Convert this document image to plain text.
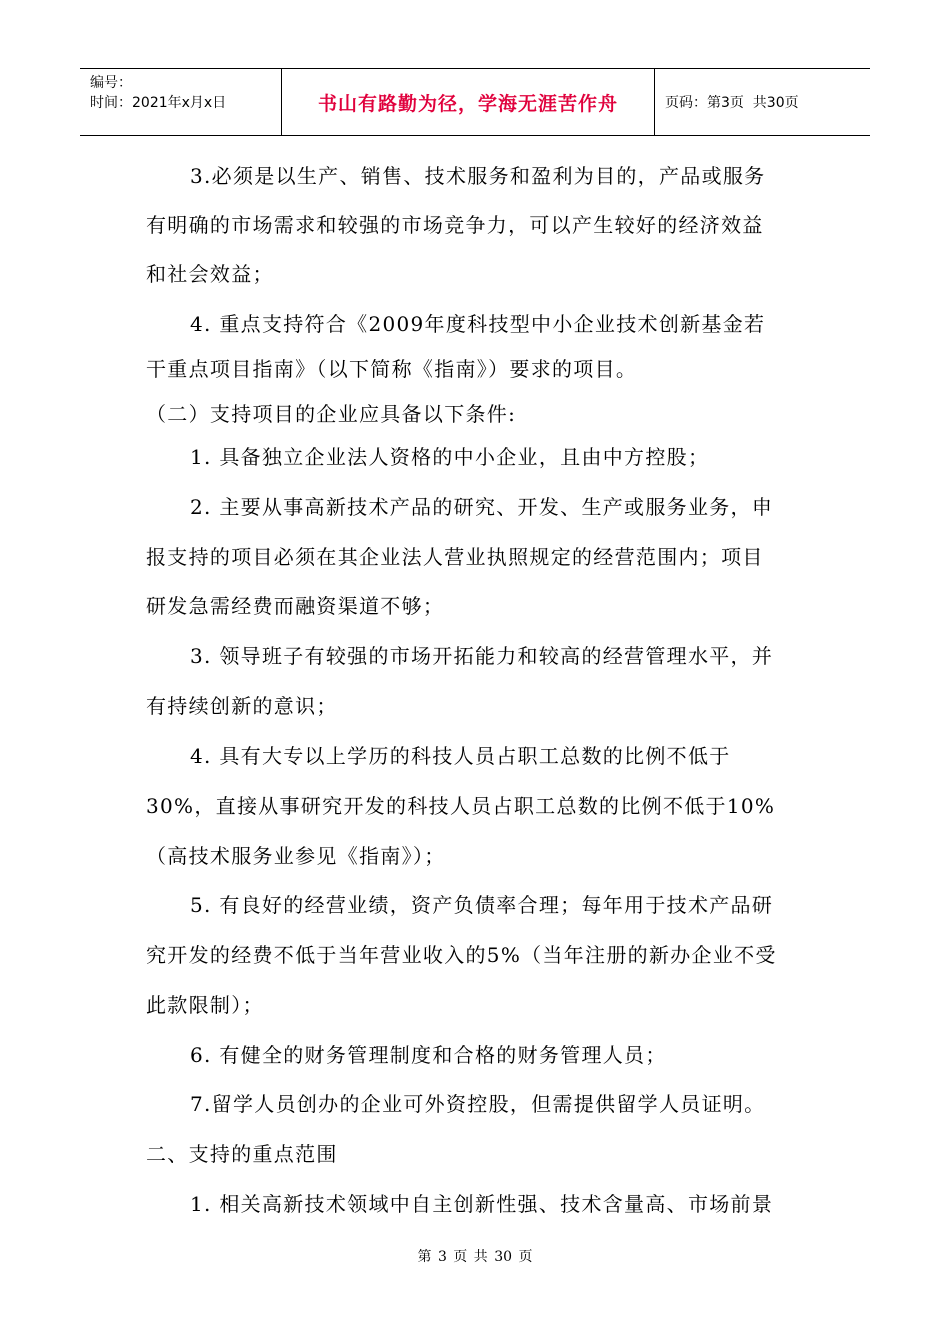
编号：
时间：2021年x月x日	书山有路勤为径，学海无涯苦作舟	页码：第3页  共30页
3.必须是以生产、销售、技术服务和盈利为目的，产品或服务
有明确的市场需求和较强的市场竞争力，可以产生较好的经济效益
和社会效益；
4. 重点支持符合《2009年度科技型中小企业技术创新基金若
干重点项目指南》（以下简称《指南》）要求的项目。
（二）支持项目的企业应具备以下条件:
1. 具备独立企业法人资格的中小企业，且由中方控股；
2. 主要从事高新技术产品的研究、开发、生产或服务业务，申
报支持的项目必须在其企业法人营业执照规定的经营范围内；项目
研发急需经费而融资渠道不够；
3. 领导班子有较强的市场开拓能力和较高的经营管理水平，并
有持续创新的意识；
4. 具有大专以上学历的科技人员占职工总数的比例不低于
30%，直接从事研究开发的科技人员占职工总数的比例不低于10%
（高技术服务业参见《指南》）；
5. 有良好的经营业绩，资产负债率合理；每年用于技术产品研
究开发的经费不低于当年营业收入的5%（当年注册的新办企业不受
此款限制）；
6. 有健全的财务管理制度和合格的财务管理人员；
7.留学人员创办的企业可外资控股，但需提供留学人员证明。
二、支持的重点范围
1. 相关高新技术领域中自主创新性强、技术含量高、市场前景
第 3 页 共 30 页
